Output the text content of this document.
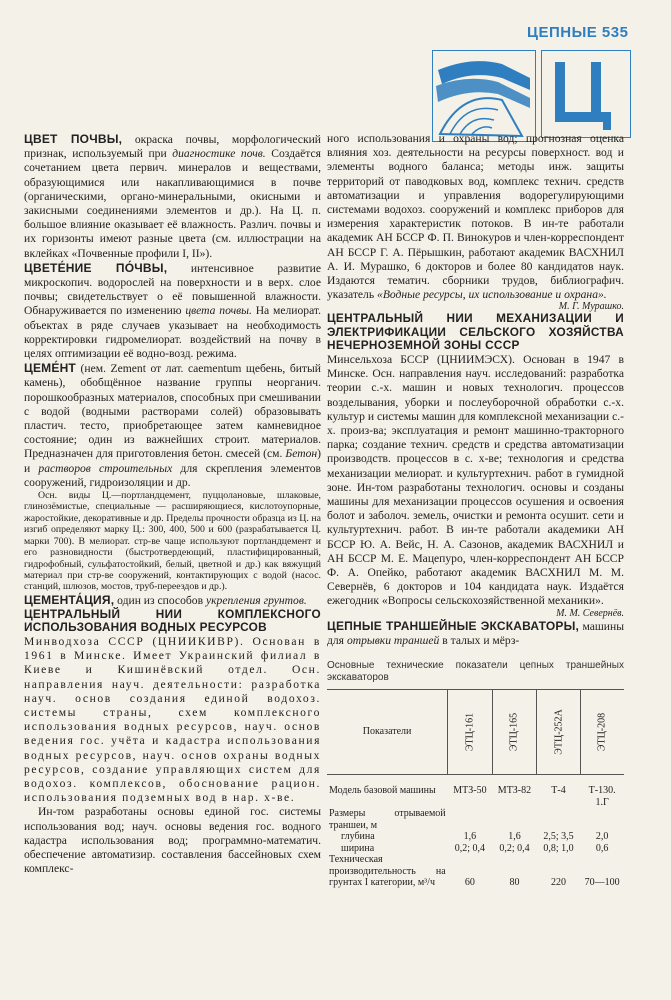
ЦЕПНЫЕ 535

ЦВЕТ ПОЧВЫ, окраска почвы, морфологический признак, используемый при диагностике почв. Создаётся сочетанием цвета первич. минералов и веществами, образующимися или накапливающимися в почве (органическими, органо-минеральными, окисными и закисными соединениями элементов и др.). На Ц. п. большое влияние оказывает её влажность. Различ. почвы и их горизонты имеют разные цвета (см. иллюстрации на вклейках «Почвенные профили I, II»).

ЦВЕТЕ́НИЕ ПО́ЧВЫ, интенсивное развитие микроскопич. водорослей на поверхности и в верх. слое почвы; свидетельствует о её повышенной влажности. Обнаруживается по изменению цвета почвы. На мелиорат. объектах в ряде случаев указывает на необходимость корректировки гидромелиорат. воздействий на почву в целях оптимизации её водно-возд. режима.

ЦЕМЕ́НТ (нем. Zement от лат. caementum щебень, битый камень), обобщённое название группы неорганич. порошкообразных материалов, способных при смешивании с водой (водными растворами солей) образовывать пластич. тесто, приобретающее затем камневидное состояние; один из важнейших строит. материалов. Предназначен для приготовления бетон. смесей (см. Бетон) и растворов строительных для скрепления элементов сооружений, гидроизоляции и др.

Осн. виды Ц.—портландцемент, пуццолановые, шлаковые, глинозёмистые, специальные — расширяющиеся, кислотоупорные, жаростойкие, декоративные и др. Пределы прочности образца из Ц. на изгиб определяют марку Ц.: 300, 400, 500 и 600 (разрабатывается Ц. марки 700). В мелиорат. стр-ве чаще используют портландцемент и его разновидности (быстротвердеющий, пластифицированный, гидрофобный, сульфатостойкий, белый, цветной и др.) как вяжущий материал при стр-ве сооружений, контактирующих с водой (насос. станций, шлюзов, мостов, труб-переездов и др.).

ЦЕМЕНТА́ЦИЯ, один из способов укрепления грунтов.

ЦЕНТРАЛЬНЫЙ НИИ КОМПЛЕКСНОГО ИСПОЛЬЗОВАНИЯ ВОДНЫХ РЕСУРСОВ
Минводхоза СССР (ЦНИИКИВР). Основан в 1961 в Минске. Имеет Украинский филиал в Киеве и Кишинёвский отдел. Осн. направления науч. деятельности: разработка науч. основ создания единой водохоз. системы страны, схем комплексного использования водных ресурсов, науч. основ ведения гос. учёта и кадастра использования водных ресурсов, науч. основ охраны водных ресурсов, создание управляющих систем для водохоз. комплексов, обоснование рацион. использования подземных вод в нар. х-ве.

Ин-том разработаны основы единой гос. системы использования вод; науч. основы ведения гос. водного кадастра использования вод; программно-математич. обеспечение автоматизир. составления бассейновых схем комплекс-

ного использования и охраны вод; прогнозная оценка влияния хоз. деятельности на ресурсы поверхност. вод и элементы водного баланса; методы инж. защиты территорий от паводковых вод, комплекс технич. средств автоматизации и управления водорегулирующими системами водохоз. сооружений и комплекс приборов для измерения характеристик потоков. В ин-те работали академик АН БССР Ф. П. Винокуров и член-корреспондент АН БССР Г. А. Пёрышкин, работают академик ВАСХНИЛ А. И. Мурашко, 6 докторов и более 80 кандидатов наук. Издаются тематич. сборники трудов, библиографич. указатель «Водные ресурсы, их использование и охрана».
М. Г. Мурашко.

ЦЕНТРАЛЬНЫЙ НИИ МЕХАНИЗАЦИИ И ЭЛЕКТРИФИКАЦИИ СЕЛЬСКОГО ХОЗЯЙСТВА НЕЧЕРНОЗЕМНОЙ ЗОНЫ СССР
Минсельхоза БССР (ЦНИИМЭСХ). Основан в 1947 в Минске. Осн. направления науч. исследований: разработка теории с.-х. машин и новых технологич. процессов возделывания, уборки и послеуборочной обработки с.-х. культур и системы машин для комплексной механизации с.-х. произ-ва; эксплуатация и ремонт машинно-тракторного парка; создание технич. средств и средства автоматизации производств. процессов в с. х-ве; технология и средства механизации мелиорат. и культуртехнич. работ в гумидной зоне. Ин-том разработаны технологич. основы и созданы машины для механизации процессов осушения и освоения болот и заболоч. земель, очистки и ремонта осушит. сети и культуртехнич. работ. В ин-те работали академики АН БССР Ю. А. Вейс, Н. А. Сазонов, академик ВАСХНИЛ и АН БССР М. Е. Мацепуро, член-корреспондент АН БССР Ф. А. Опейко, работают академик ВАСХНИЛ М. М. Севернёв, 6 докторов и 104 кандидата наук. Издаётся ежегодник «Вопросы сельскохозяйственной механики».
М. М. Севернёв.

ЦЕПНЫЕ ТРАНШЕЙНЫЕ ЭКСКАВАТОРЫ, машины для отрывки траншей в талых и мёрз-

Основные технические показатели цепных траншейных экскаваторов
Показатели	ЭТЦ-161	ЭТЦ-165	ЭТЦ-252А	ЭТЦ-208

Модель базовой машины	МТЗ-50	МТЗ-82	Т-4	Т-130. 1.Г
Размеры отрываемой траншеи, м				
глубина	1,6	1,6	2,5; 3,5	2,0
ширина	0,2; 0,4	0,2; 0,4	0,8; 1,0	0,6
Техническая производительность на грунтах I категории, м³/ч	60	80	220	70—100
